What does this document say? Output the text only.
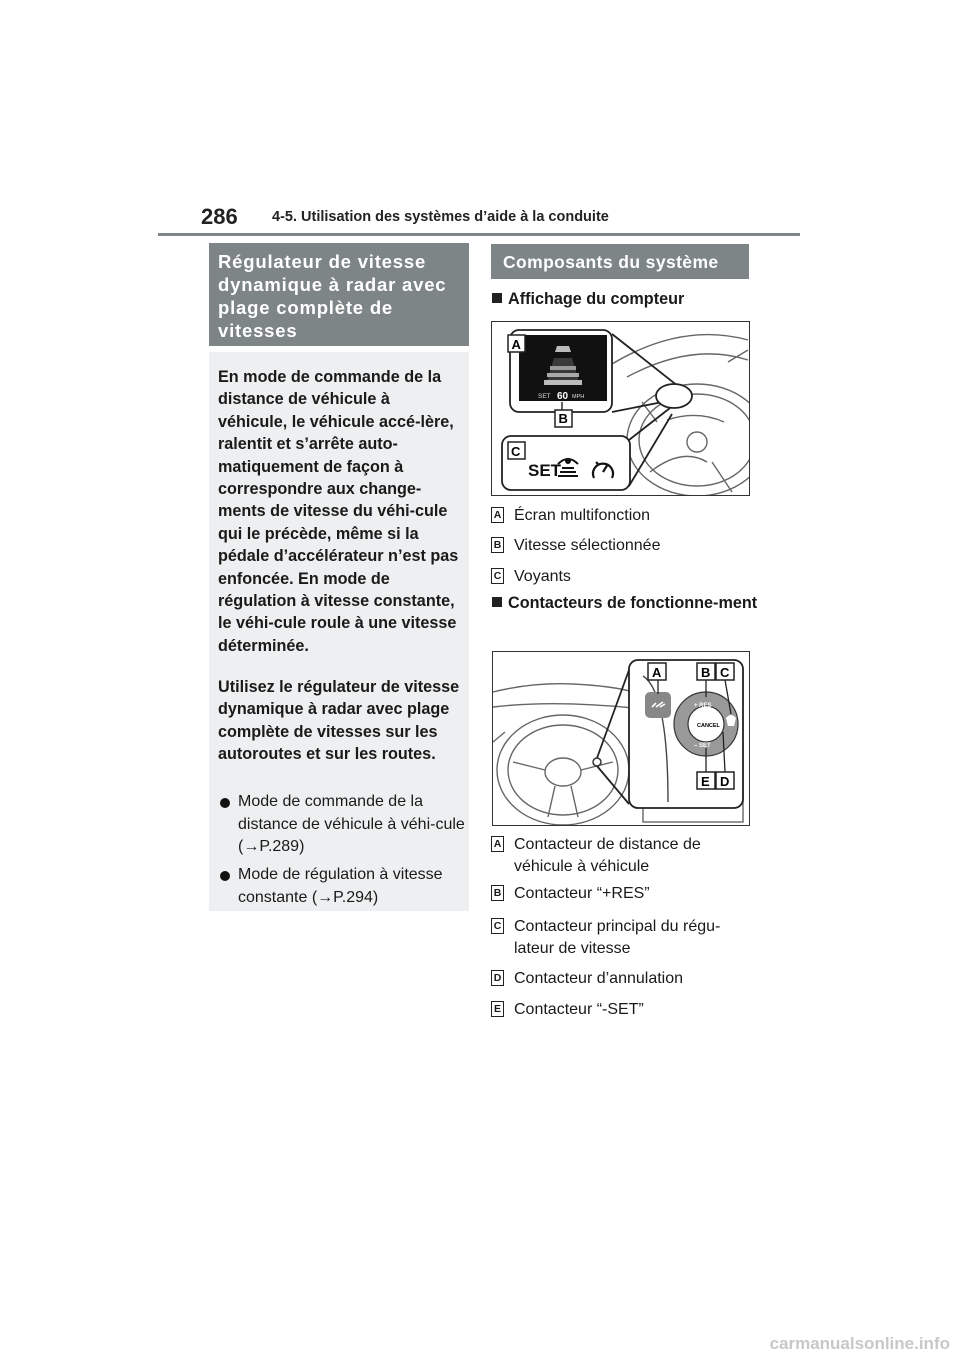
286 4-5. Utilisation des systèmes d’aide à la conduite
Régulateur de vitesse dynamique à radar avec plage complète de vitesses
En mode de commande de la distance de véhicule à véhicule, le véhicule accé-lère, ralentit et s’arrête auto-matiquement de façon à correspondre aux change-ments de vitesse du véhi-cule qui le précède, même si la pédale d’accélérateur n’est pas enfoncée. En mode de régulation à vitesse constante, le véhi-cule roule à une vitesse déterminée.
Utilisez le régulateur de vitesse dynamique à radar avec plage complète de vitesses sur les autoroutes et sur les routes.
Mode de commande de la distance de véhicule à véhi-cule (→P.289)
Mode de régulation à vitesse constante (→P.294)
Composants du système
Affichage du compteur
SET 60 MPH
SET
A
B
C
A Écran multifonction
B Vitesse sélectionnée
C Voyants
Contacteurs de fonctionne-ment
CANCEL
+ RES
– SET
A	B C
E D
A Contacteur de distance de véhicule à véhicule
B Contacteur “+RES”
C Contacteur principal du régu-lateur de vitesse
D Contacteur d’annulation
E Contacteur “-SET”
carmanualsonline.info
